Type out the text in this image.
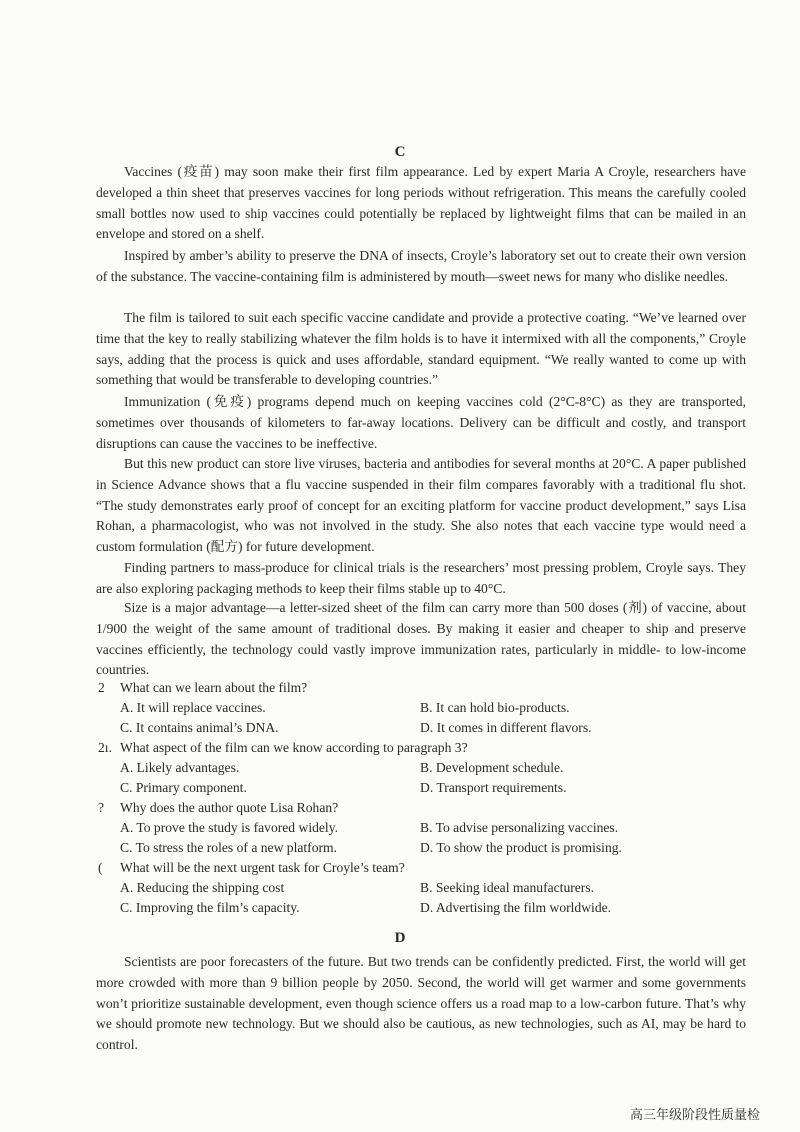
C
Vaccines (疫苗) may soon make their first film appearance. Led by expert Maria A Croyle, researchers have developed a thin sheet that preserves vaccines for long periods without refrigeration. This means the carefully cooled small bottles now used to ship vaccines could potentially be replaced by lightweight films that can be mailed in an envelope and stored on a shelf.
Inspired by amber’s ability to preserve the DNA of insects, Croyle’s laboratory set out to create their own version of the substance. The vaccine-containing film is administered by mouth—sweet news for many who dislike needles.
The film is tailored to suit each specific vaccine candidate and provide a protective coating. “We’ve learned over time that the key to really stabilizing whatever the film holds is to have it intermixed with all the components,” Croyle says, adding that the process is quick and uses affordable, standard equipment. “We really wanted to come up with something that would be transferable to developing countries.”
Immunization (免疫) programs depend much on keeping vaccines cold (2°C-8°C) as they are transported, sometimes over thousands of kilometers to far-away locations. Delivery can be difficult and costly, and transport disruptions can cause the vaccines to be ineffective.
But this new product can store live viruses, bacteria and antibodies for several months at 20°C. A paper published in Science Advance shows that a flu vaccine suspended in their film compares favorably with a traditional flu shot. “The study demonstrates early proof of concept for an exciting platform for vaccine product development,” says Lisa Rohan, a pharmacologist, who was not involved in the study. She also notes that each vaccine type would need a custom formulation (配方) for future development.
Finding partners to mass-produce for clinical trials is the researchers’ most pressing problem, Croyle says. They are also exploring packaging methods to keep their films stable up to 40°C.
Size is a major advantage—a letter-sized sheet of the film can carry more than 500 doses (剂) of vaccine, about 1/900 the weight of the same amount of traditional doses. By making it easier and cheaper to ship and preserve vaccines efficiently, the technology could vastly improve immunization rates, particularly in middle- to low-income countries.
2 What can we learn about the film?
A. It will replace vaccines.	B. It can hold bio-products.
C. It contains animal’s DNA.	D. It comes in different flavors.
2ı. What aspect of the film can we know according to paragraph 3?
A. Likely advantages.	B. Development schedule.
C. Primary component.	D. Transport requirements.
? Why does the author quote Lisa Rohan?
A. To prove the study is favored widely.	B. To advise personalizing vaccines.
C. To stress the roles of a new platform.	D. To show the product is promising.
( What will be the next urgent task for Croyle’s team?
A. Reducing the shipping cost	B. Seeking ideal manufacturers.
C. Improving the film’s capacity.	D. Advertising the film worldwide.
D
Scientists are poor forecasters of the future. But two trends can be confidently predicted. First, the world will get more crowded with more than 9 billion people by 2050. Second, the world will get warmer and some governments won’t prioritize sustainable development, even though science offers us a road map to a low-carbon future. That’s why we should promote new technology. But we should also be cautious, as new technologies, such as AI, may be hard to control.
高三年级阶段性质量检
